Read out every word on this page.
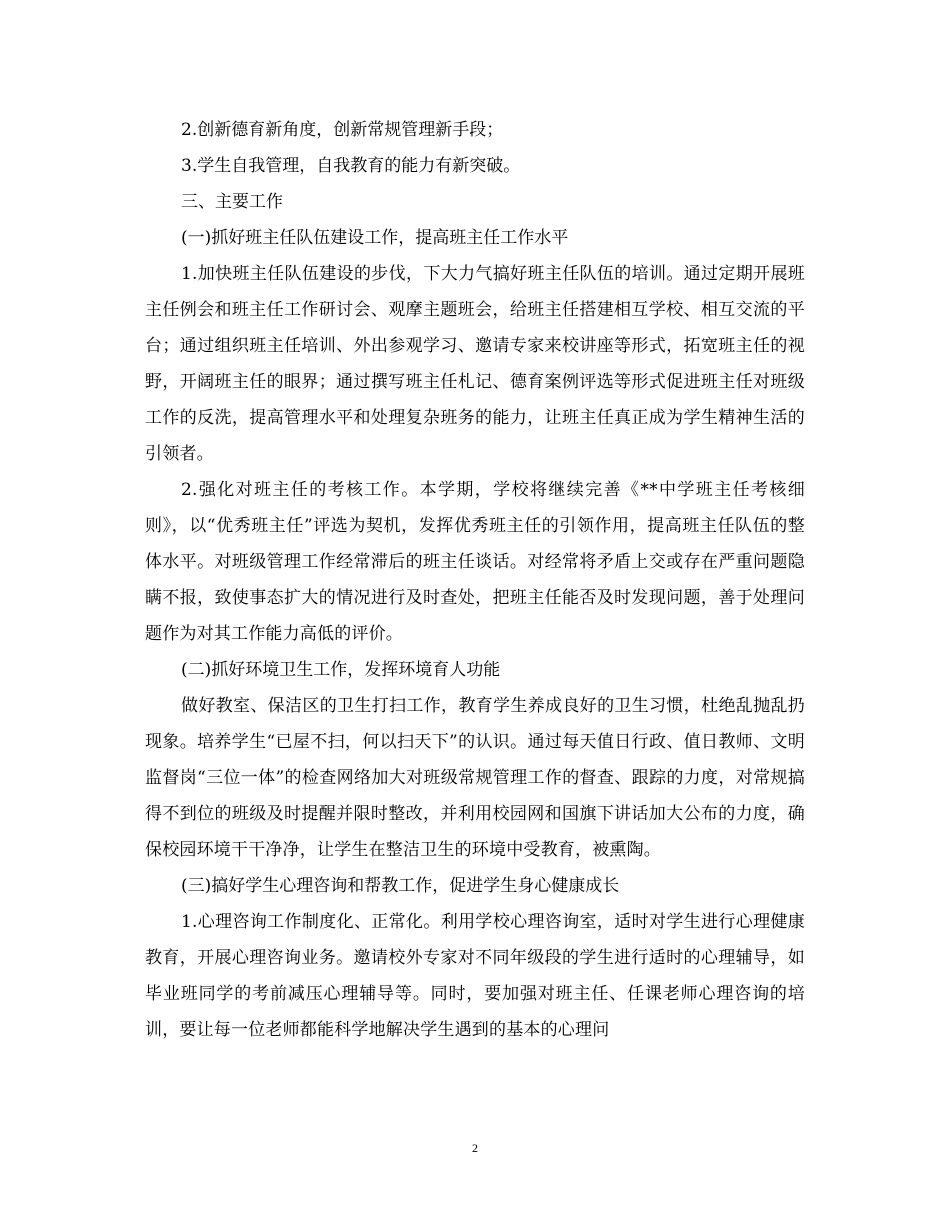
2.创新德育新角度，创新常规管理新手段；

3.学生自我管理，自我教育的能力有新突破。

三、主要工作

(一)抓好班主任队伍建设工作，提高班主任工作水平

1.加快班主任队伍建设的步伐，下大力气搞好班主任队伍的培训。通过定期开展班主任例会和班主任工作研讨会、观摩主题班会，给班主任搭建相互学校、相互交流的平台；通过组织班主任培训、外出参观学习、邀请专家来校讲座等形式，拓宽班主任的视野，开阔班主任的眼界；通过撰写班主任札记、德育案例评选等形式促进班主任对班级工作的反洗，提高管理水平和处理复杂班务的能力，让班主任真正成为学生精神生活的引领者。

2.强化对班主任的考核工作。本学期，学校将继续完善《**中学班主任考核细则》，以“优秀班主任”评选为契机，发挥优秀班主任的引领作用，提高班主任队伍的整体水平。对班级管理工作经常滞后的班主任谈话。对经常将矛盾上交或存在严重问题隐瞒不报，致使事态扩大的情况进行及时查处，把班主任能否及时发现问题，善于处理问题作为对其工作能力高低的评价。

(二)抓好环境卫生工作，发挥环境育人功能

做好教室、保洁区的卫生打扫工作，教育学生养成良好的卫生习惯，杜绝乱抛乱扔现象。培养学生“已屋不扫，何以扫天下”的认识。通过每天值日行政、值日教师、文明监督岗“三位一体”的检查网络加大对班级常规管理工作的督查、跟踪的力度，对常规搞得不到位的班级及时提醒并限时整改，并利用校园网和国旗下讲话加大公布的力度，确保校园环境干干净净，让学生在整洁卫生的环境中受教育，被熏陶。

(三)搞好学生心理咨询和帮教工作，促进学生身心健康成长

1.心理咨询工作制度化、正常化。利用学校心理咨询室，适时对学生进行心理健康教育，开展心理咨询业务。邀请校外专家对不同年级段的学生进行适时的心理辅导，如毕业班同学的考前减压心理辅导等。同时，要加强对班主任、任课老师心理咨询的培训，要让每一位老师都能科学地解决学生遇到的基本的心理问

2
